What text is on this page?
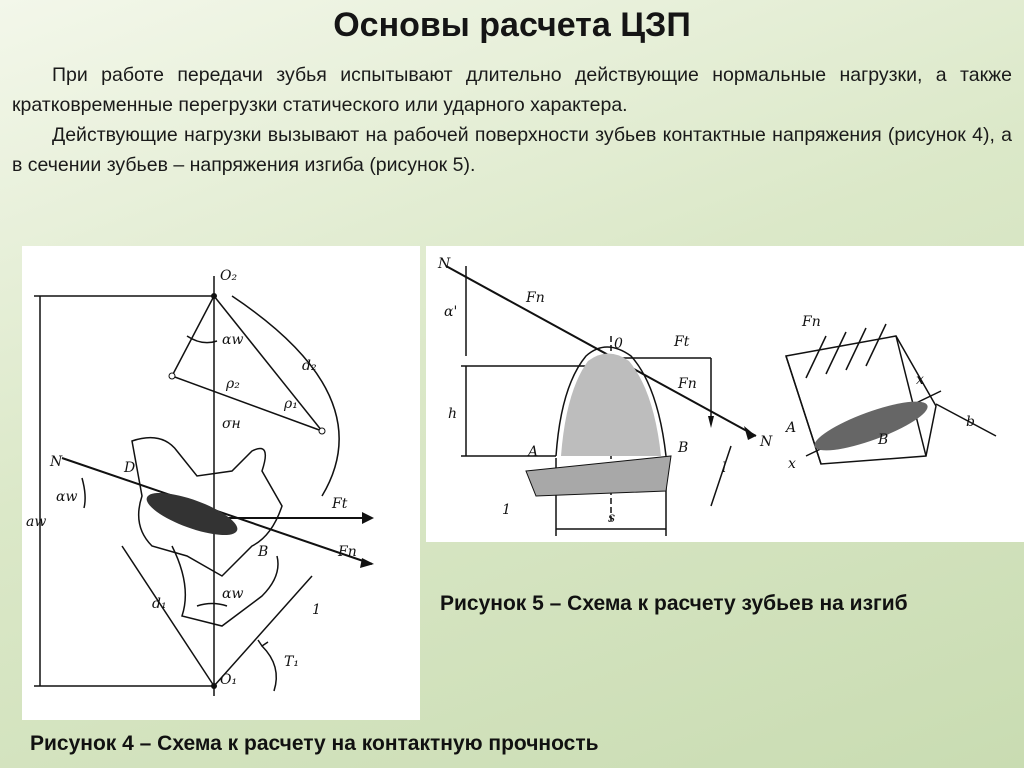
Основы расчета ЦЗП

При работе передачи зубья испытывают длительно действующие нормальные нагрузки, а также кратковременные перегрузки статического или ударного характера.

Действующие нагрузки вызывают на рабочей поверхности зубьев контактные напряжения (рисунок 4), а в сечении зубьев – напряжения изгиба (рисунок 5).

O₂
O₁
αw
ρ₂
ρ₁
d₂
σн
N	D
αw
aw
Ft
Fn
B
αw
d₁	1
T₁
N
N
α'
Fn
0	Ft
Fn
h
l
A	B
1	s
Fn
x
x
A
B
b
Рисунок 5 – Схема к расчету зубьев на изгиб
Рисунок 4 – Схема к расчету на контактную прочность
